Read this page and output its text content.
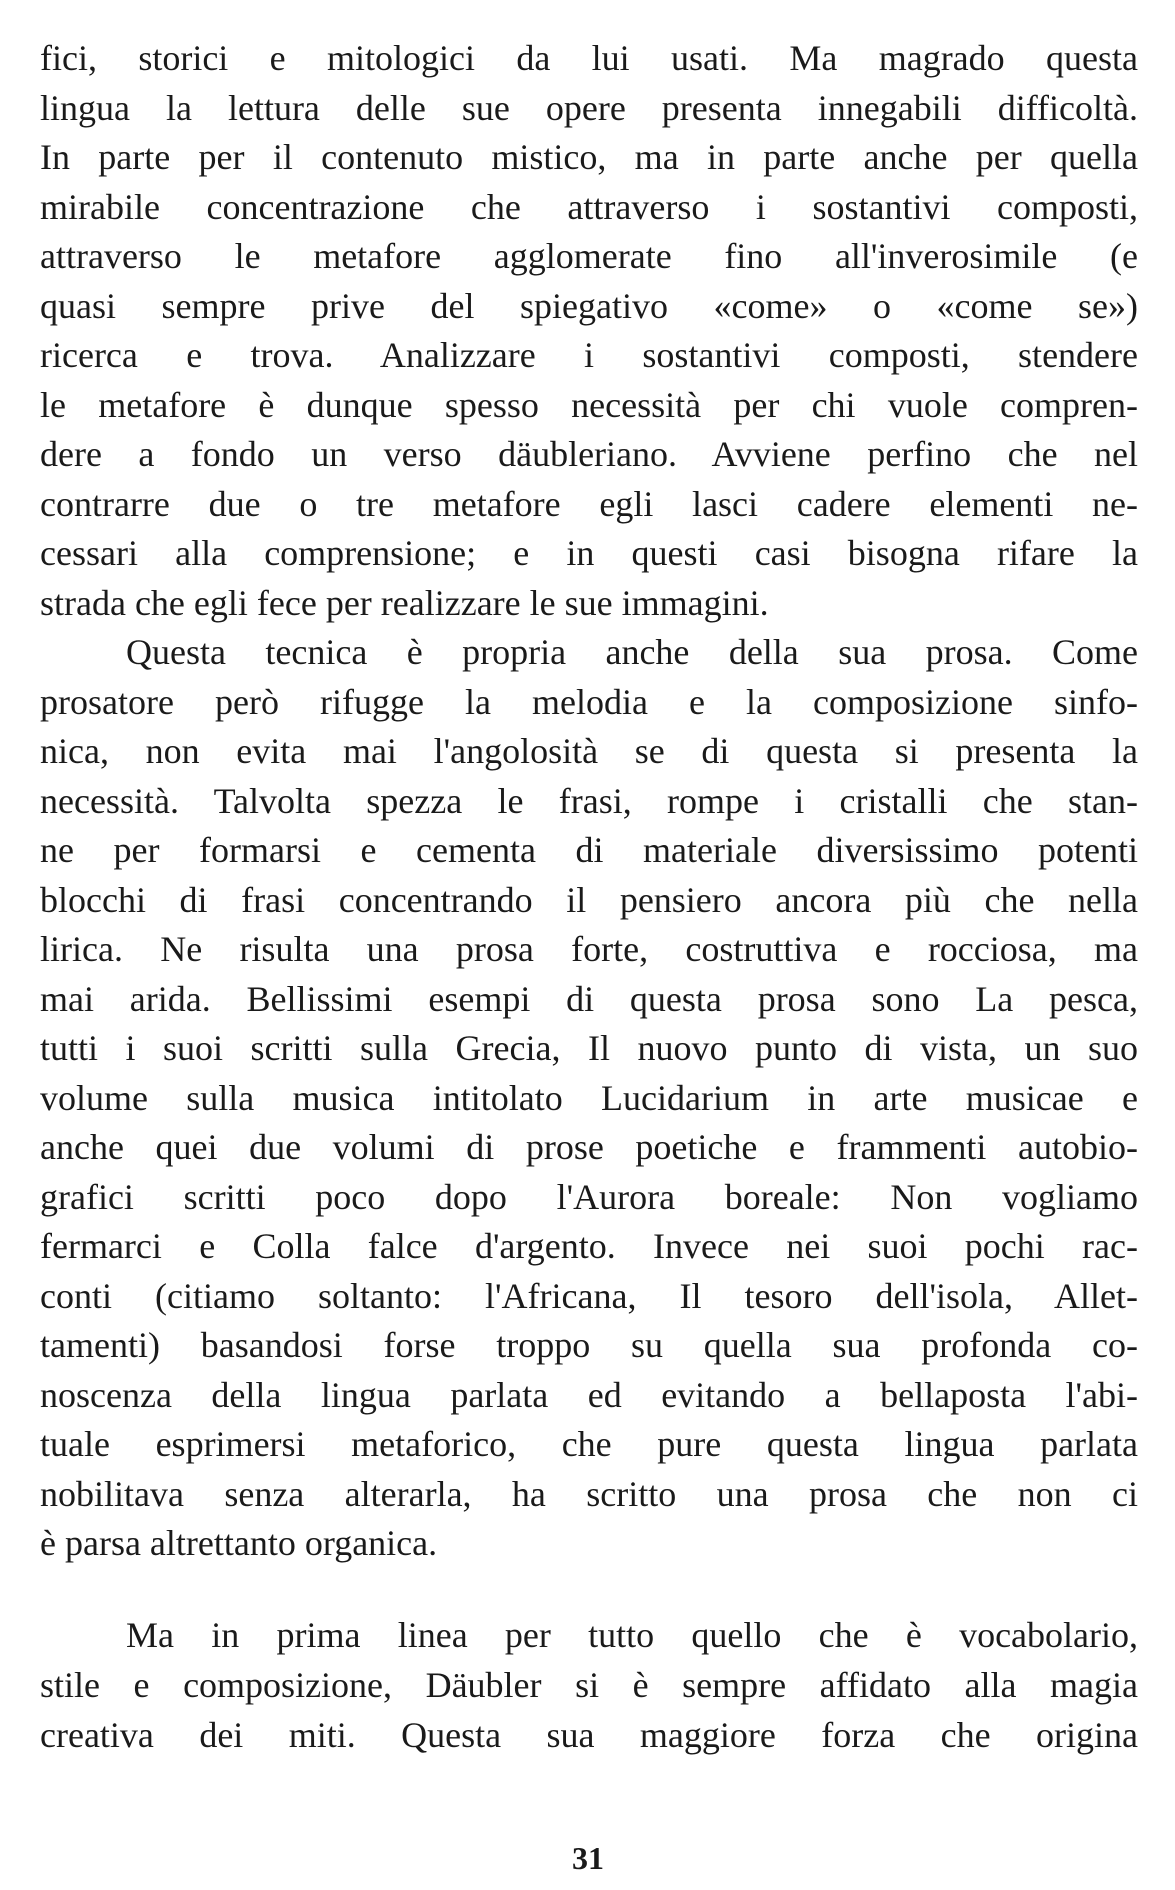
fici, storici e mitologici da lui usati. Ma magrado questa
lingua la lettura delle sue opere presenta innegabili difficoltà.
In parte per il contenuto mistico, ma in parte anche per quella
mirabile concentrazione che attraverso i sostantivi composti,
attraverso le metafore agglomerate fino all'inverosimile (e
quasi sempre prive del spiegativo «come» o «come se»)
ricerca e trova. Analizzare i sostantivi composti, stendere
le metafore è dunque spesso necessità per chi vuole compren-
dere a fondo un verso däubleriano. Avviene perfino che nel
contrarre due o tre metafore egli lasci cadere elementi ne-
cessari alla comprensione; e in questi casi bisogna rifare la
strada che egli fece per realizzare le sue immagini.
Questa tecnica è propria anche della sua prosa. Come
prosatore però rifugge la melodia e la composizione sinfo-
nica, non evita mai l'angolosità se di questa si presenta la
necessità. Talvolta spezza le frasi, rompe i cristalli che stan-
ne per formarsi e cementa di materiale diversissimo potenti
blocchi di frasi concentrando il pensiero ancora più che nella
lirica. Ne risulta una prosa forte, costruttiva e rocciosa, ma
mai arida. Bellissimi esempi di questa prosa sono La pesca,
tutti i suoi scritti sulla Grecia, Il nuovo punto di vista, un suo
volume sulla musica intitolato Lucidarium in arte musicae e
anche quei due volumi di prose poetiche e frammenti autobio-
grafici scritti poco dopo l'Aurora boreale: Non vogliamo
fermarci e Colla falce d'argento. Invece nei suoi pochi rac-
conti (citiamo soltanto: l'Africana, Il tesoro dell'isola, Allet-
tamenti) basandosi forse troppo su quella sua profonda co-
noscenza della lingua parlata ed evitando a bellaposta l'abi-
tuale esprimersi metaforico, che pure questa lingua parlata
nobilitava senza alterarla, ha scritto una prosa che non ci
è parsa altrettanto organica.
Ma in prima linea per tutto quello che è vocabolario,
stile e composizione, Däubler si è sempre affidato alla magia
creativa dei miti. Questa sua maggiore forza che origina
31
